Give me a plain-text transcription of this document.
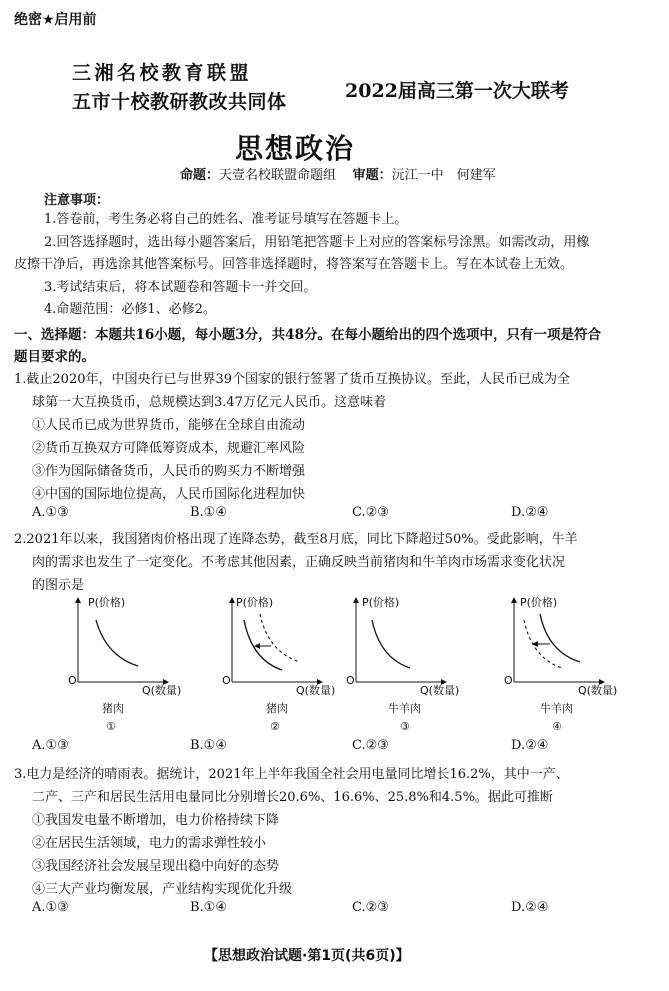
绝密★启用前
三湘名校教育联盟
五市十校教研教改共同体	2022届高三第一次大联考
思想政治
命题：天壹名校联盟命题组 审题：沅江一中　何建军
注意事项：
1.答卷前，考生务必将自己的姓名、准考证号填写在答题卡上。
2.回答选择题时，选出每小题答案后，用铅笔把答题卡上对应的答案标号涂黑。如需改动，用橡
皮擦干净后，再选涂其他答案标号。回答非选择题时，将答案写在答题卡上。写在本试卷上无效。
3.考试结束后，将本试题卷和答题卡一并交回。
4.命题范围：必修1、必修2。
一、选择题：本题共16小题，每小题3分，共48分。在每小题给出的四个选项中，只有一项是符合
题目要求的。
1.截止2020年，中国央行已与世界39个国家的银行签署了货币互换协议。至此，人民币已成为全
球第一大互换货币，总规模达到3.47万亿元人民币。这意味着
①人民币已成为世界货币，能够在全球自由流动
②货币互换双方可降低筹资成本，规避汇率风险
③作为国际储备货币，人民币的购买力不断增强
④中国的国际地位提高，人民币国际化进程加快
A.①③	B.①④	C.②③	D.②④
2.2021年以来，我国猪肉价格出现了连降态势，截至8月底，同比下降超过50%。受此影响，牛羊
肉的需求也发生了一定变化。不考虑其他因素，正确反映当前猪肉和牛羊肉市场需求变化状况
的图示是
P(价格)
O
Q(数量)
猪肉
①
P(价格)
O
Q(数量)
猪肉
②
P(价格)
O
Q(数量)
牛羊肉
③
P(价格)
O
Q(数量)
牛羊肉
④
A.①③	B.①④	C.②③	D.②④
3.电力是经济的晴雨表。据统计，2021年上半年我国全社会用电量同比增长16.2%，其中一产、
二产、三产和居民生活用电量同比分别增长20.6%、16.6%、25.8%和4.5%。据此可推断
①我国发电量不断增加，电力价格持续下降
②在居民生活领域，电力的需求弹性较小
③我国经济社会发展呈现出稳中向好的态势
④三大产业均衡发展，产业结构实现优化升级
A.①③	B.①④	C.②③	D.②④
【思想政治试题·第1页(共6页)】
